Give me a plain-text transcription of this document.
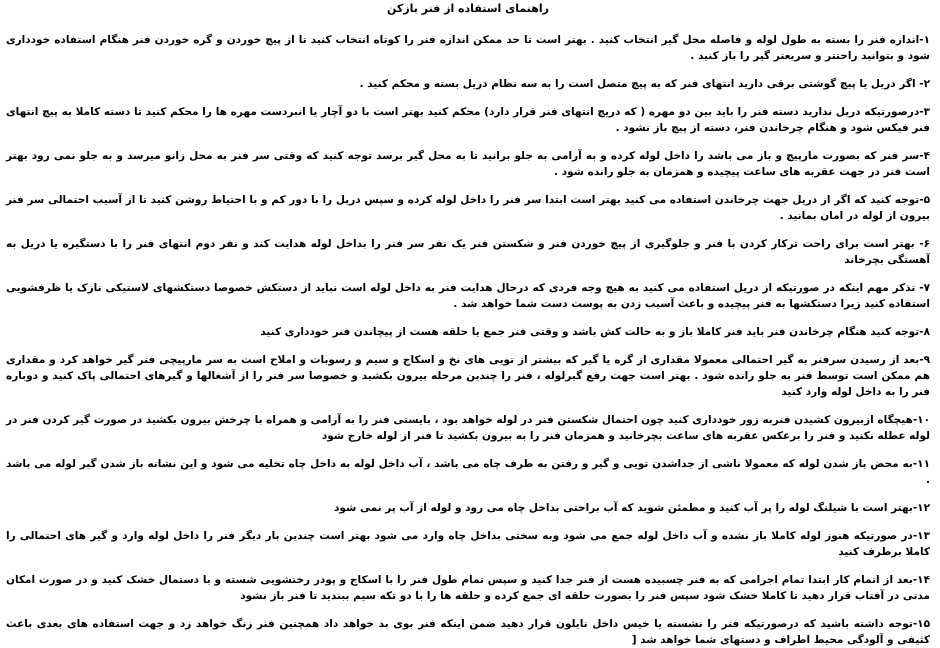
راهنمای استفاده از فنر بازکن
۱-اندازه فنر را بسته به طول لوله و فاصله محل گیر انتخاب کنید . بهتر است تا حد ممکن اندازه فنر را کوتاه انتخاب کنید تا از پیچ خوردن و گره خوردن فنر هنگام استفاده خودداری شود و بتوانید راحتتر و سریعتر گیر را باز کنید .
۲- اگر دریل یا پیچ گوشتی برقی دارید انتهای فنر که به پیچ متصل است را به سه نظام دریل بسته و محکم کنید .
۳-درصورتیکه دریل ندارید دسته فنر را باید بین دو مهره ( که دریچ انتهای فنر قرار دارد) محکم کنید بهتر است با دو آچار یا انبردست مهره ها را محکم کنید تا دسته کاملا به پیچ انتهای فنر فیکس شود و هنگام چرخاندن فنر، دسته از پیچ باز نشود .
۴-سر فنر که بصورت مارپیچ و باز می باشد را داخل لوله کرده و به آرامی به جلو برانید تا به محل گیر برسد توجه کنید که وقتی سر فنر به محل زانو میرسد و به جلو نمی رود بهتر است فنر در جهت عقربه های ساعت پیچیده و همزمان به جلو رانده شود .
۵-توجه کنید که اگر از دریل جهت چرخاندن استفاده می کنید بهتر است ابتدا سر فنر را داخل لوله کرده و سپس دریل را با دور کم و با احتیاط روشن کنید تا از آسیب احتمالی سر فنر بیرون از لوله در امان بمانید .
۶- بهتر است برای راحت ترکار کردن با فنر و جلوگیری از پیچ خوردن فنر و شکستن فنر یک نفر سر فنر را بداخل لوله هدایت کند و نفر دوم انتهای فنر را با دستگیره یا دریل به آهستگی بچرخاند
۷- تذکر مهم اینکه در صورتیکه از دریل استفاده می کنید به هیچ وجه فردی که درحال هدایت فنر به داخل لوله است نباید از دستکش خصوصا دستکشهای لاستیکی نازک یا ظرفشویی استفاده کنید زیرا دستکشها به فنر پیچیده و باعث آسیب زدن به پوست دست شما خواهد شد .
۸-توجه کنید هنگام چرخاندن فنر باید فنر کاملا باز و به حالت کش باشد و وقتی فنر جمع یا حلقه هست از پیچاندن فنر خودداری کنید
۹-بعد از رسیدن سرفنر به گیر احتمالی معمولا مقداری از گره یا گیر که بیشتر از تویی های نخ و اسکاج و سیم و رسوبات و املاح است به سر مارپیچی فنر گیر خواهد کرد و مقداری هم ممکن است توسط فنر به جلو رانده شود . بهتر است جهت رفع گیرلوله ، فنر را چندین مرحله بیرون بکشید و خصوصا سر فنر را از آشغالها و گیرهای احتمالی پاک کنید و دوباره فنر را به داخل لوله وارد کنید
۱۰-هیچگاه ازبیرون کشیدن فنربه زور خودداری کنید چون احتمال شکستن فنر در لوله خواهد بود ، بایستی فنر را به آرامی و همراه با چرخش بیرون بکشید در صورت گیر کردن فنر در لوله عطله نکنید و فنر را برعکس عقربه های ساعت بچرخانید و همزمان فنر را به بیرون بکشید تا فنر از لوله خارج شود
۱۱-به محض باز شدن لوله که معمولا ناشی از جداشدن تویی و گیر و رفتن به طرف چاه می باشد ، آب داخل لوله به داخل چاه تخلیه می شود و این نشانه باز شدن گیر لوله می باشد .
۱۲-بهتر است با شیلنگ لوله را پر آب کنید و مطمئن شوید که آب براحتی بداخل چاه می رود و لوله از آب پر نمی شود
۱۳-در صورتیکه هنوز لوله کاملا باز نشده و آب داخل لوله جمع می شود وبه سختی بداخل چاه وارد می شود بهتر است چندین بار دیگر فنر را داخل لوله وارد و گیر های احتمالی را کاملا برطرف کنید
۱۴-بعد از اتمام کار ابتدا تمام اجرامی که به فنر چسبیده هست از فنر جدا کنید و سپس تمام طول فنر را با اسکاج و پودر رختشویی شسته و با دستمال خشک کنید و در صورت امکان مدتی در آفتاب قرار دهید تا کاملا خشک شود سپس فنر را بصورت حلقه ای جمع کرده و حلقه ها را با دو تکه سیم ببندید تا فنر باز نشود
۱۵-توجه داشته باشید که درصورتیکه فنر را نشسته یا خیس داخل نایلون قرار دهید ضمن اینکه فنر بوی بد خواهد داد همچنین فنر زنگ خواهد زد و جهت استفاده های بعدی باعث کثیفی و آلودگی محیط اطراف و دستهای شما خواهد شد [
